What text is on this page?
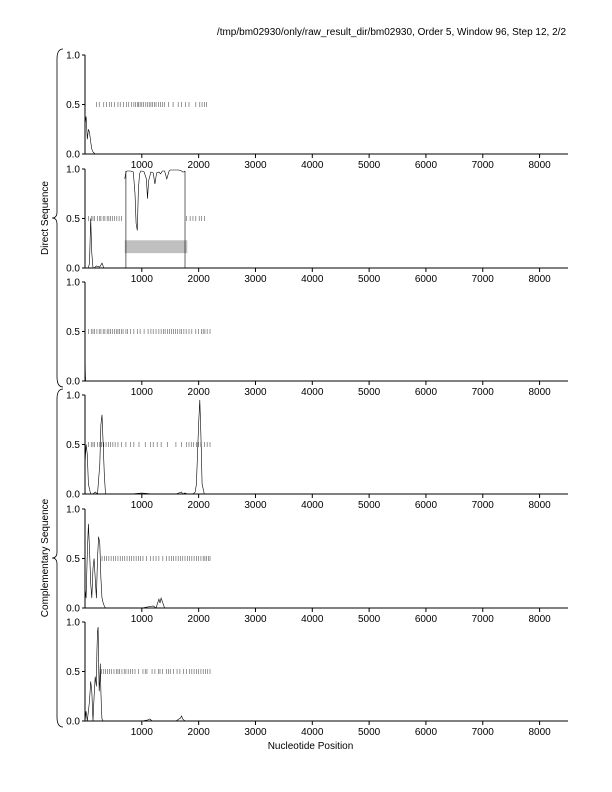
/tmp/bm02930/only/raw_result_dir/bm02930, Order 5, Window 96, Step 12, 2/2
0.0
0.5
1.0
1000	2000	3000	4000	5000	6000	7000	8000
0.0
0.5
1.0
1000	2000	3000	4000	5000	6000	7000	8000
0.0
0.5
1.0
1000	2000	3000	4000	5000	6000	7000	8000
0.0
0.5
1.0
1000	2000	3000	4000	5000	6000	7000	8000
0.0
0.5
1.0
1000	2000	3000	4000	5000	6000	7000	8000
0.0
0.5
1.0
1000	2000	3000	4000	5000	6000	7000	8000
Direct Sequence
Complementary Sequence
Nucleotide Position
